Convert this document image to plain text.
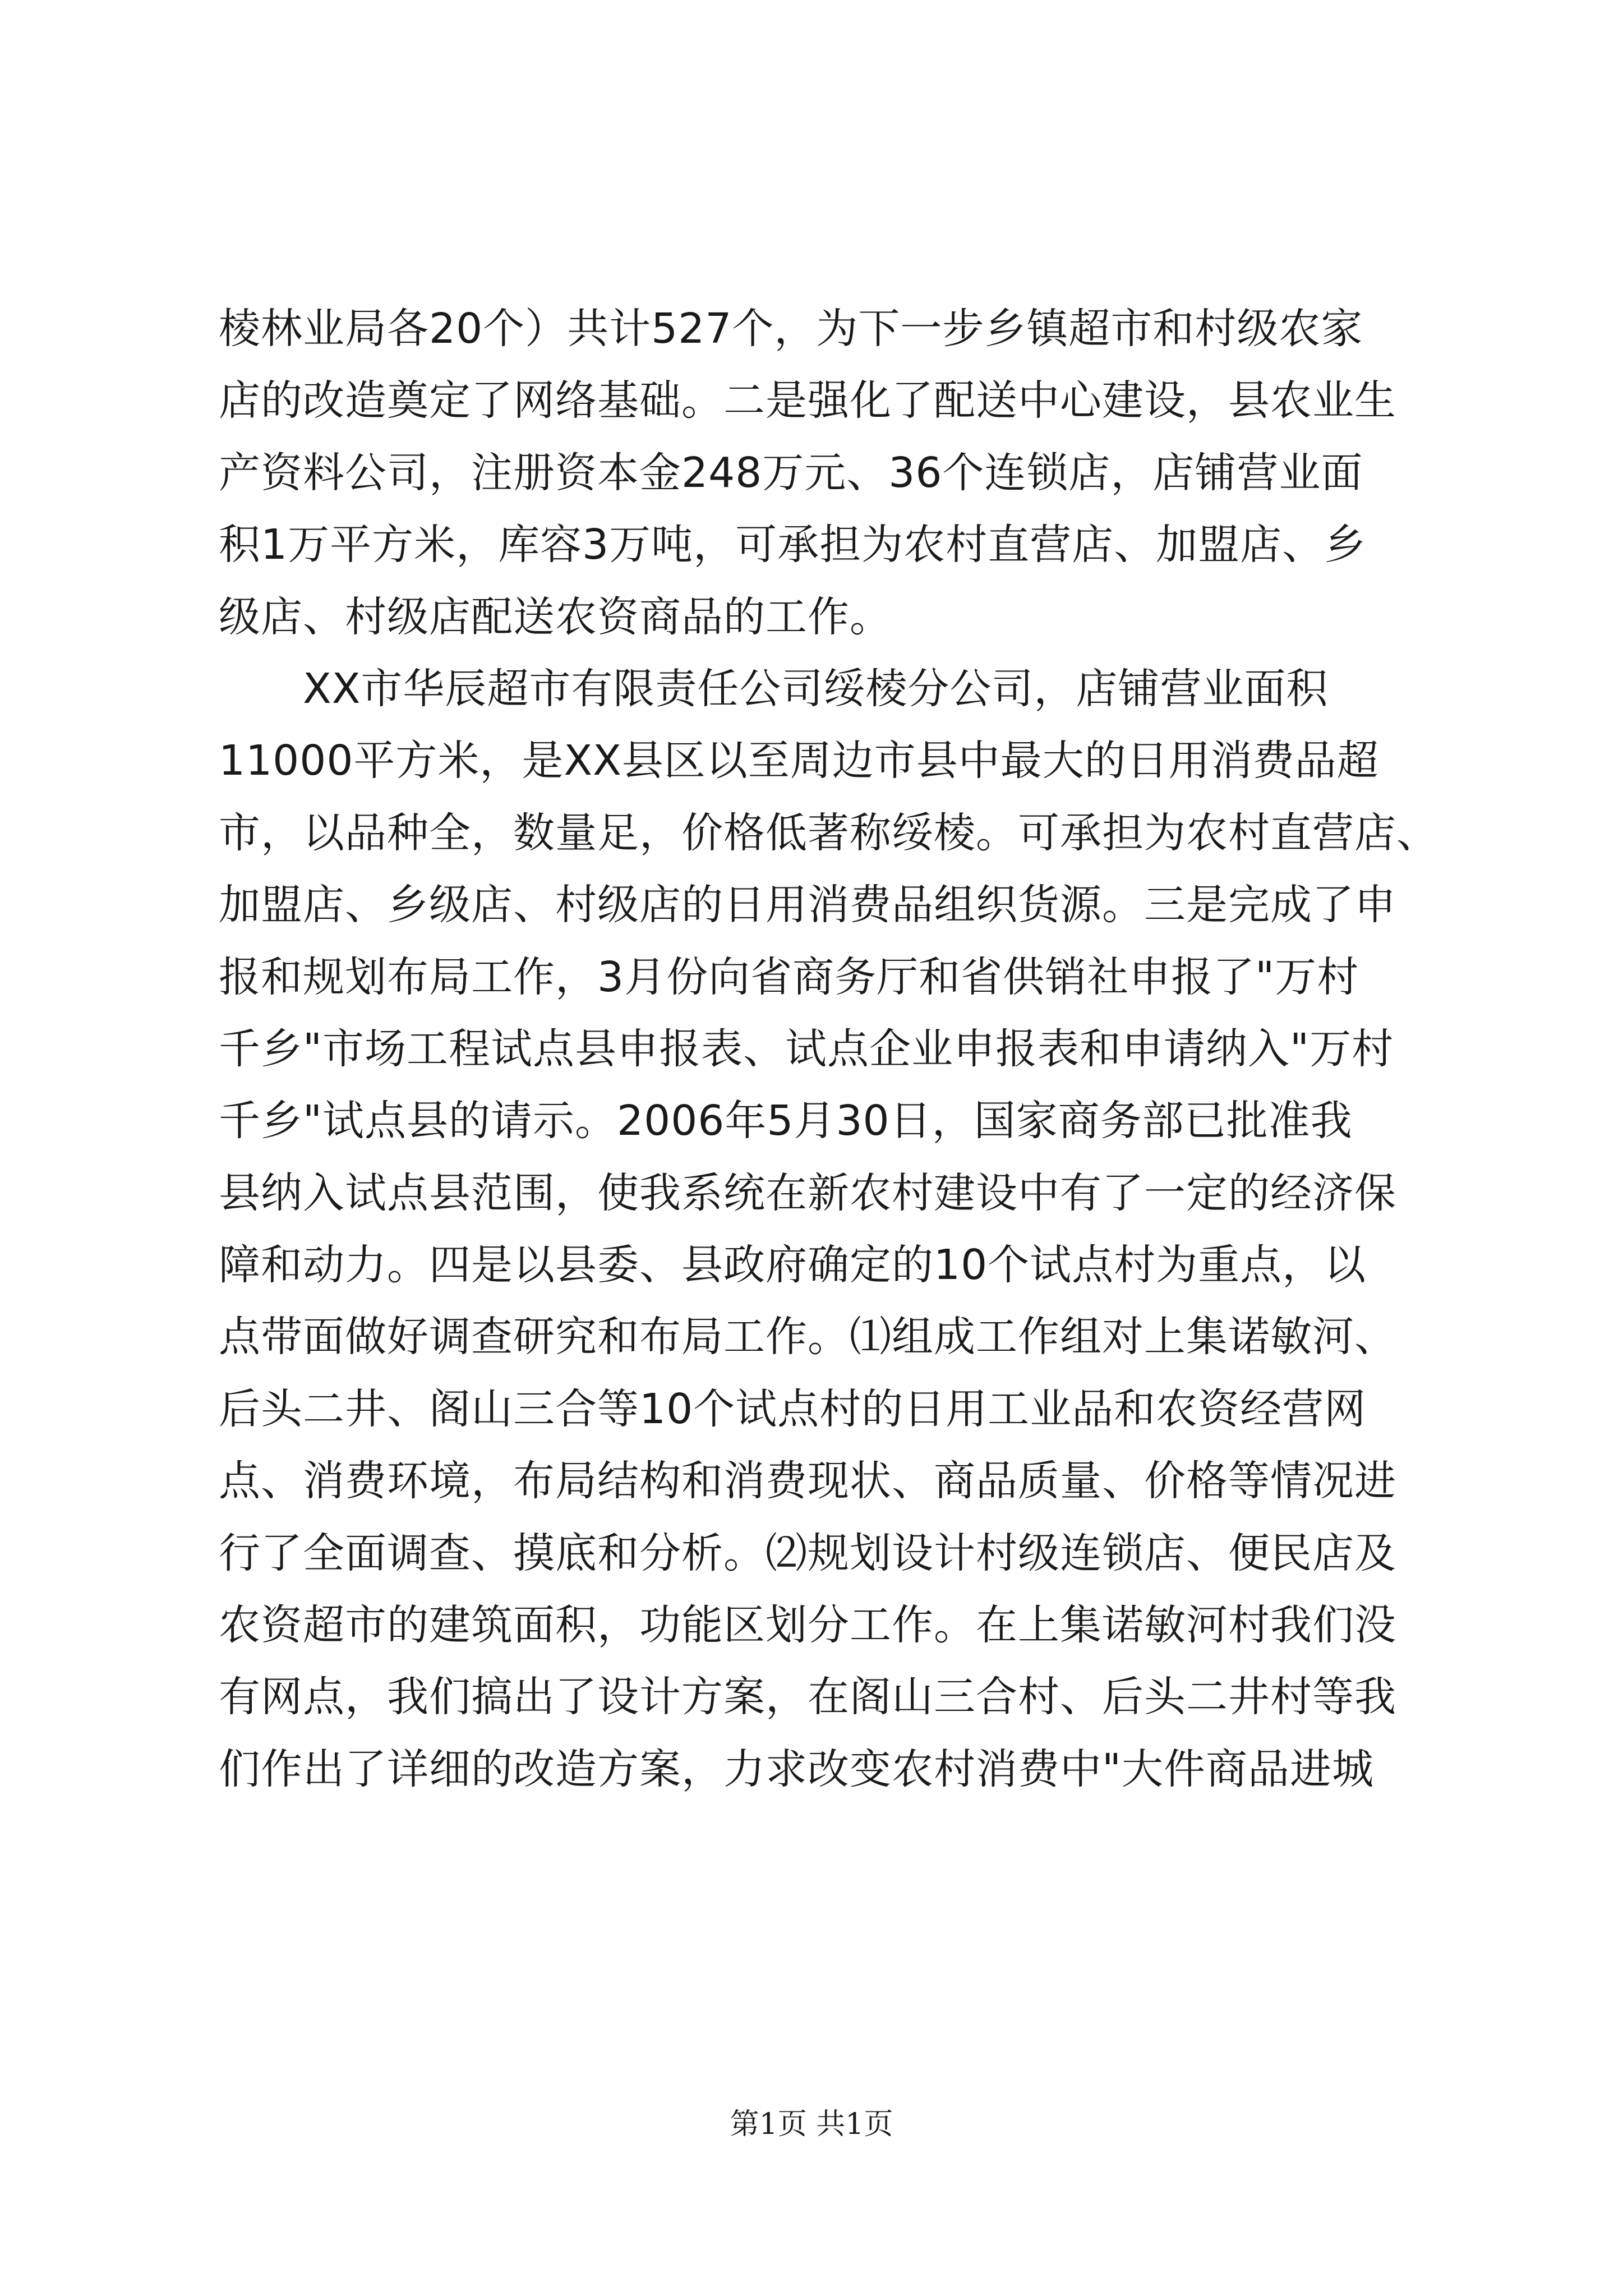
棱林业局各20个）共计527个，为下一步乡镇超市和村级农家
店的改造奠定了网络基础。二是强化了配送中心建设，县农业生
产资料公司，注册资本金248万元、36个连锁店，店铺营业面
积1万平方米，库容3万吨，可承担为农村直营店、加盟店、乡
级店、村级店配送农资商品的工作。
　　XX市华辰超市有限责任公司绥棱分公司，店铺营业面积
11000平方米，是XX县区以至周边市县中最大的日用消费品超
市，以品种全，数量足，价格低著称绥棱。可承担为农村直营店、
加盟店、乡级店、村级店的日用消费品组织货源。三是完成了申
报和规划布局工作，3月份向省商务厅和省供销社申报了"万村
千乡"市场工程试点县申报表、试点企业申报表和申请纳入"万村
千乡"试点县的请示。2006年5月30日，国家商务部已批准我
县纳入试点县范围，使我系统在新农村建设中有了一定的经济保
障和动力。四是以县委、县政府确定的10个试点村为重点，以
点带面做好调查研究和布局工作。⑴组成工作组对上集诺敏河、
后头二井、阁山三合等10个试点村的日用工业品和农资经营网
点、消费环境，布局结构和消费现状、商品质量、价格等情况进
行了全面调查、摸底和分析。⑵规划设计村级连锁店、便民店及
农资超市的建筑面积，功能区划分工作。在上集诺敏河村我们没
有网点，我们搞出了设计方案，在阁山三合村、后头二井村等我
们作出了详细的改造方案，力求改变农村消费中"大件商品进城
第1页 共1页
